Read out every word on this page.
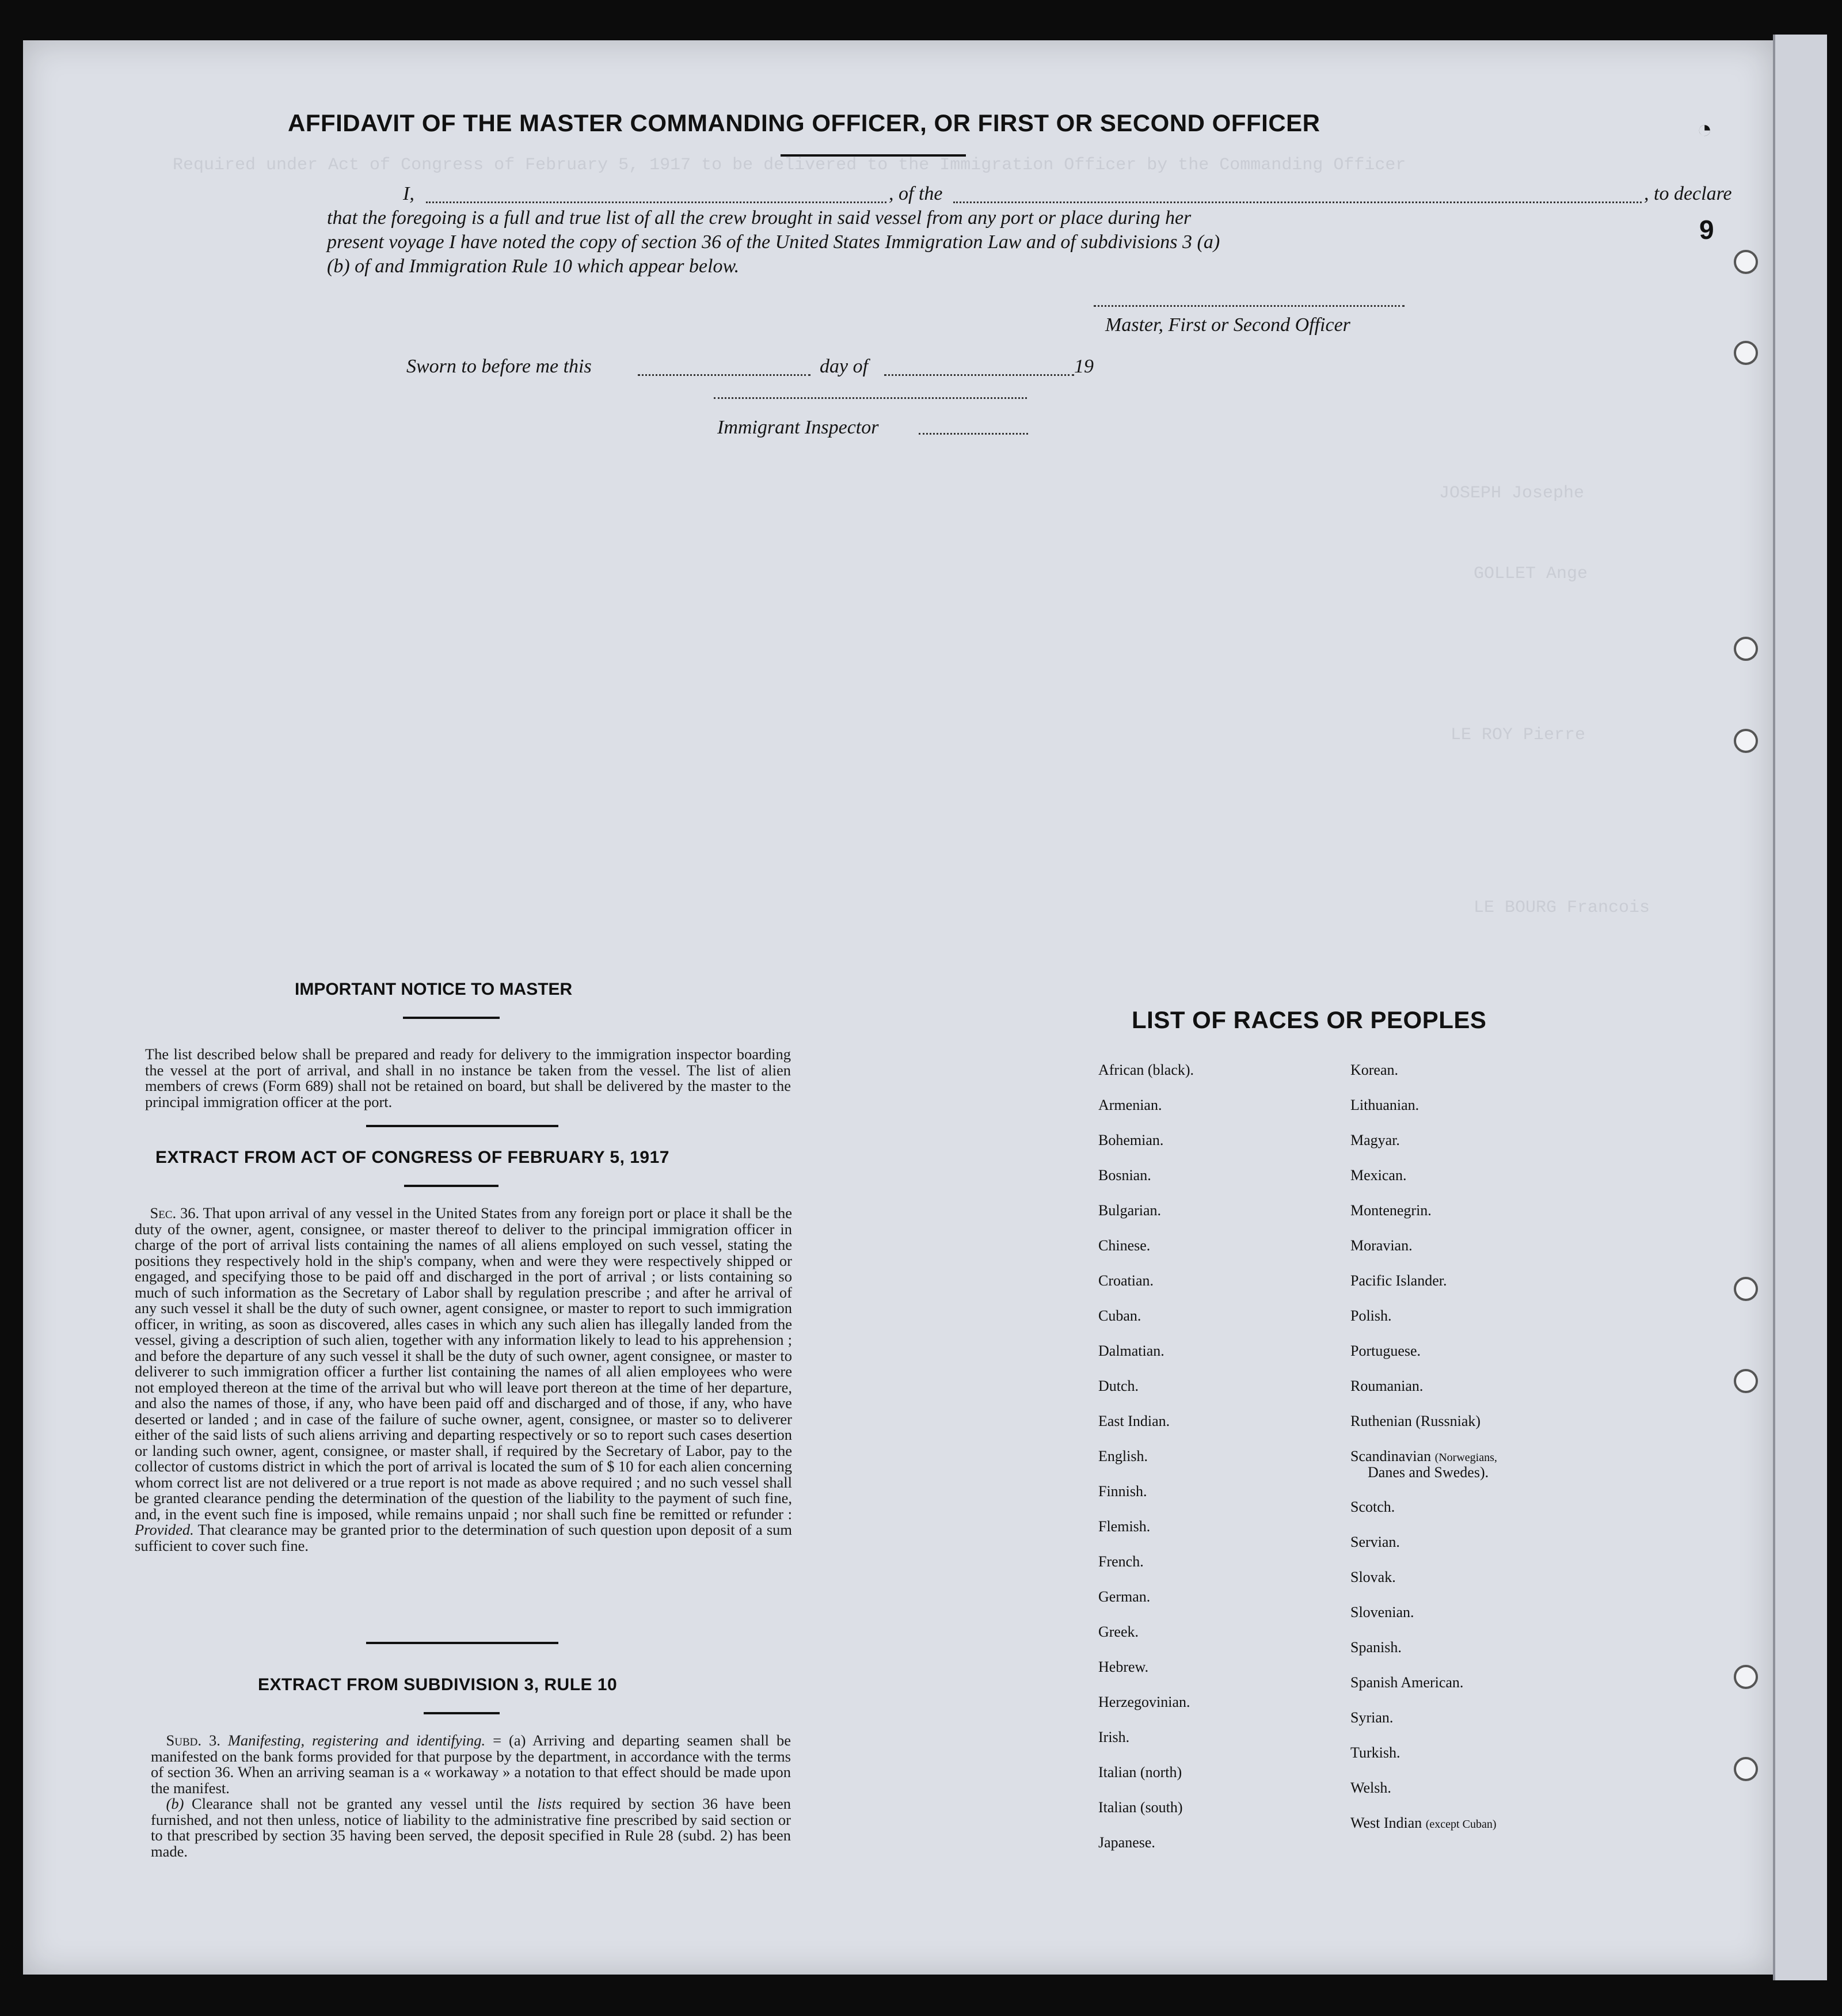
Required under Act of Congress of February 5, 1917 to be delivered to the Immigration Officer by the Commanding Officer
JOSEPH Josephe
GOLLET Ange
LE ROY Pierre
LE BOURG Francois
9
◔
AFFIDAVIT OF THE MASTER COMMANDING OFFICER, OR FIRST OR SECOND OFFICER
I,	, of the	, to declare
that the foregoing is a full and true list of all the crew brought in said vessel from any port or place during her
present voyage I have noted the copy of section 36 of the United States Immigration Law and of subdivisions 3 (a)
(b) of and Immigration Rule 10 which appear below.
Master, First or Second Officer
Sworn to before me this	day of	19
Immigrant Inspector
IMPORTANT NOTICE TO MASTER
The list described below shall be prepared and ready for delivery to the immigration inspector boarding the vessel at the port of arrival, and shall in no instance be taken from the vessel. The list of alien members of crews (Form 689) shall not be retained on board, but shall be delivered by the master to the principal immigration officer at the port.
EXTRACT FROM ACT OF CONGRESS OF FEBRUARY 5, 1917
 Sec. 36. That upon arrival of any vessel in the United States from any foreign port or place it shall be the duty of the owner, agent, consignee, or master thereof to deliver to the principal immigration officer in charge of the port of arrival lists containing the names of all aliens employed on such vessel, stating the positions they respectively hold in the ship's company, when and were they were respectively shipped or engaged, and specifying those to be paid off and discharged in the port of arrival ; or lists containing so much of such information as the Secretary of Labor shall by regulation prescribe ; and after he arrival of any such vessel it shall be the duty of such owner, agent consignee, or master to report to such immigration officer, in writing, as soon as discovered, alles cases in which any such alien has illegally landed from the vessel, giving a description of such alien, together with any information likely to lead to his apprehension ; and before the departure of any such vessel it shall be the duty of such owner, agent consignee, or master to deliverer to such immigration officer a further list containing the names of all alien employees who were not employed thereon at the time of the arrival but who will leave port thereon at the time of her departure, and also the names of those, if any, who have been paid off and discharged and of those, if any, who have deserted or landed ; and in case of the failure of suche owner, agent, consignee, or master so to deliverer either of the said lists of such aliens arriving and departing respectively or so to report such cases desertion or landing such owner, agent, consignee, or master shall, if required by the Secretary of Labor, pay to the collector of customs district in which the port of arrival is located the sum of $ 10 for each alien concerning whom correct list are not delivered or a true report is not made as above required ; and no such vessel shall be granted clearance pending the determination of the question of the liability to the payment of such fine, and, in the event such fine is imposed, while remains unpaid ; nor shall such fine be remitted or refunder : Provided. That clearance may be granted prior to the determination of such question upon deposit of a sum sufficient to cover such fine.
EXTRACT FROM SUBDIVISION 3, RULE 10
 Subd. 3. Manifesting, registering and identifying. = (a) Arriving and departing seamen shall be manifested on the bank forms provided for that purpose by the department, in accordance with the terms of section 36. When an arriving seaman is a « workaway » a notation to that effect should be made upon the manifest.
 (b) Clearance shall not be granted any vessel until the lists required by section 36 have been furnished, and not then unless, notice of liability to the administrative fine prescribed by said section or to that prescribed by section 35 having been served, the deposit specified in Rule 28 (subd. 2) has been made.
LIST OF RACES OR PEOPLES
African (black).
Armenian.
Bohemian.
Bosnian.
Bulgarian.
Chinese.
Croatian.
Cuban.
Dalmatian.
Dutch.
East Indian.
English.
Finnish.
Flemish.
French.
German.
Greek.
Hebrew.
Herzegovinian.
Irish.
Italian (north)
Italian (south)
Japanese.
Korean.
Lithuanian.
Magyar.
Mexican.
Montenegrin.
Moravian.
Pacific Islander.
Polish.
Portuguese.
Roumanian.
Ruthenian (Russniak)
Scandinavian (Norwegians,
Danes and Swedes).
Scotch.
Servian.
Slovak.
Slovenian.
Spanish.
Spanish American.
Syrian.
Turkish.
Welsh.
West Indian (except Cuban)
